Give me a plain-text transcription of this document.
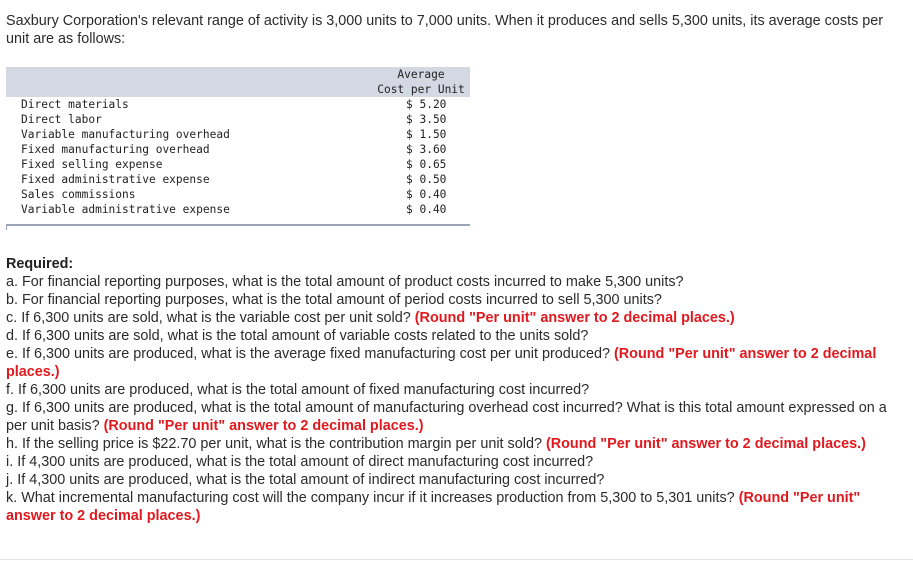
Saxbury Corporation's relevant range of activity is 3,000 units to 7,000 units. When it produces and sells 5,300 units, its average costs per unit are as follows:
	Average
	Cost per Unit
Direct materials	$ 5.20
Direct labor	$ 3.50
Variable manufacturing overhead	$ 1.50
Fixed manufacturing overhead	$ 3.60
Fixed selling expense	$ 0.65
Fixed administrative expense	$ 0.50
Sales commissions	$ 0.40
Variable administrative expense	$ 0.40
Required:
a. For financial reporting purposes, what is the total amount of product costs incurred to make 5,300 units?
b. For financial reporting purposes, what is the total amount of period costs incurred to sell 5,300 units?
c. If 6,300 units are sold, what is the variable cost per unit sold? (Round "Per unit" answer to 2 decimal places.)
d. If 6,300 units are sold, what is the total amount of variable costs related to the units sold?
e. If 6,300 units are produced, what is the average fixed manufacturing cost per unit produced? (Round "Per unit" answer to 2 decimal places.)
f. If 6,300 units are produced, what is the total amount of fixed manufacturing cost incurred?
g. If 6,300 units are produced, what is the total amount of manufacturing overhead cost incurred? What is this total amount expressed on a per unit basis? (Round "Per unit" answer to 2 decimal places.)
h. If the selling price is $22.70 per unit, what is the contribution margin per unit sold? (Round "Per unit" answer to 2 decimal places.)
i. If 4,300 units are produced, what is the total amount of direct manufacturing cost incurred?
j. If 4,300 units are produced, what is the total amount of indirect manufacturing cost incurred?
k. What incremental manufacturing cost will the company incur if it increases production from 5,300 to 5,301 units? (Round "Per unit" answer to 2 decimal places.)
